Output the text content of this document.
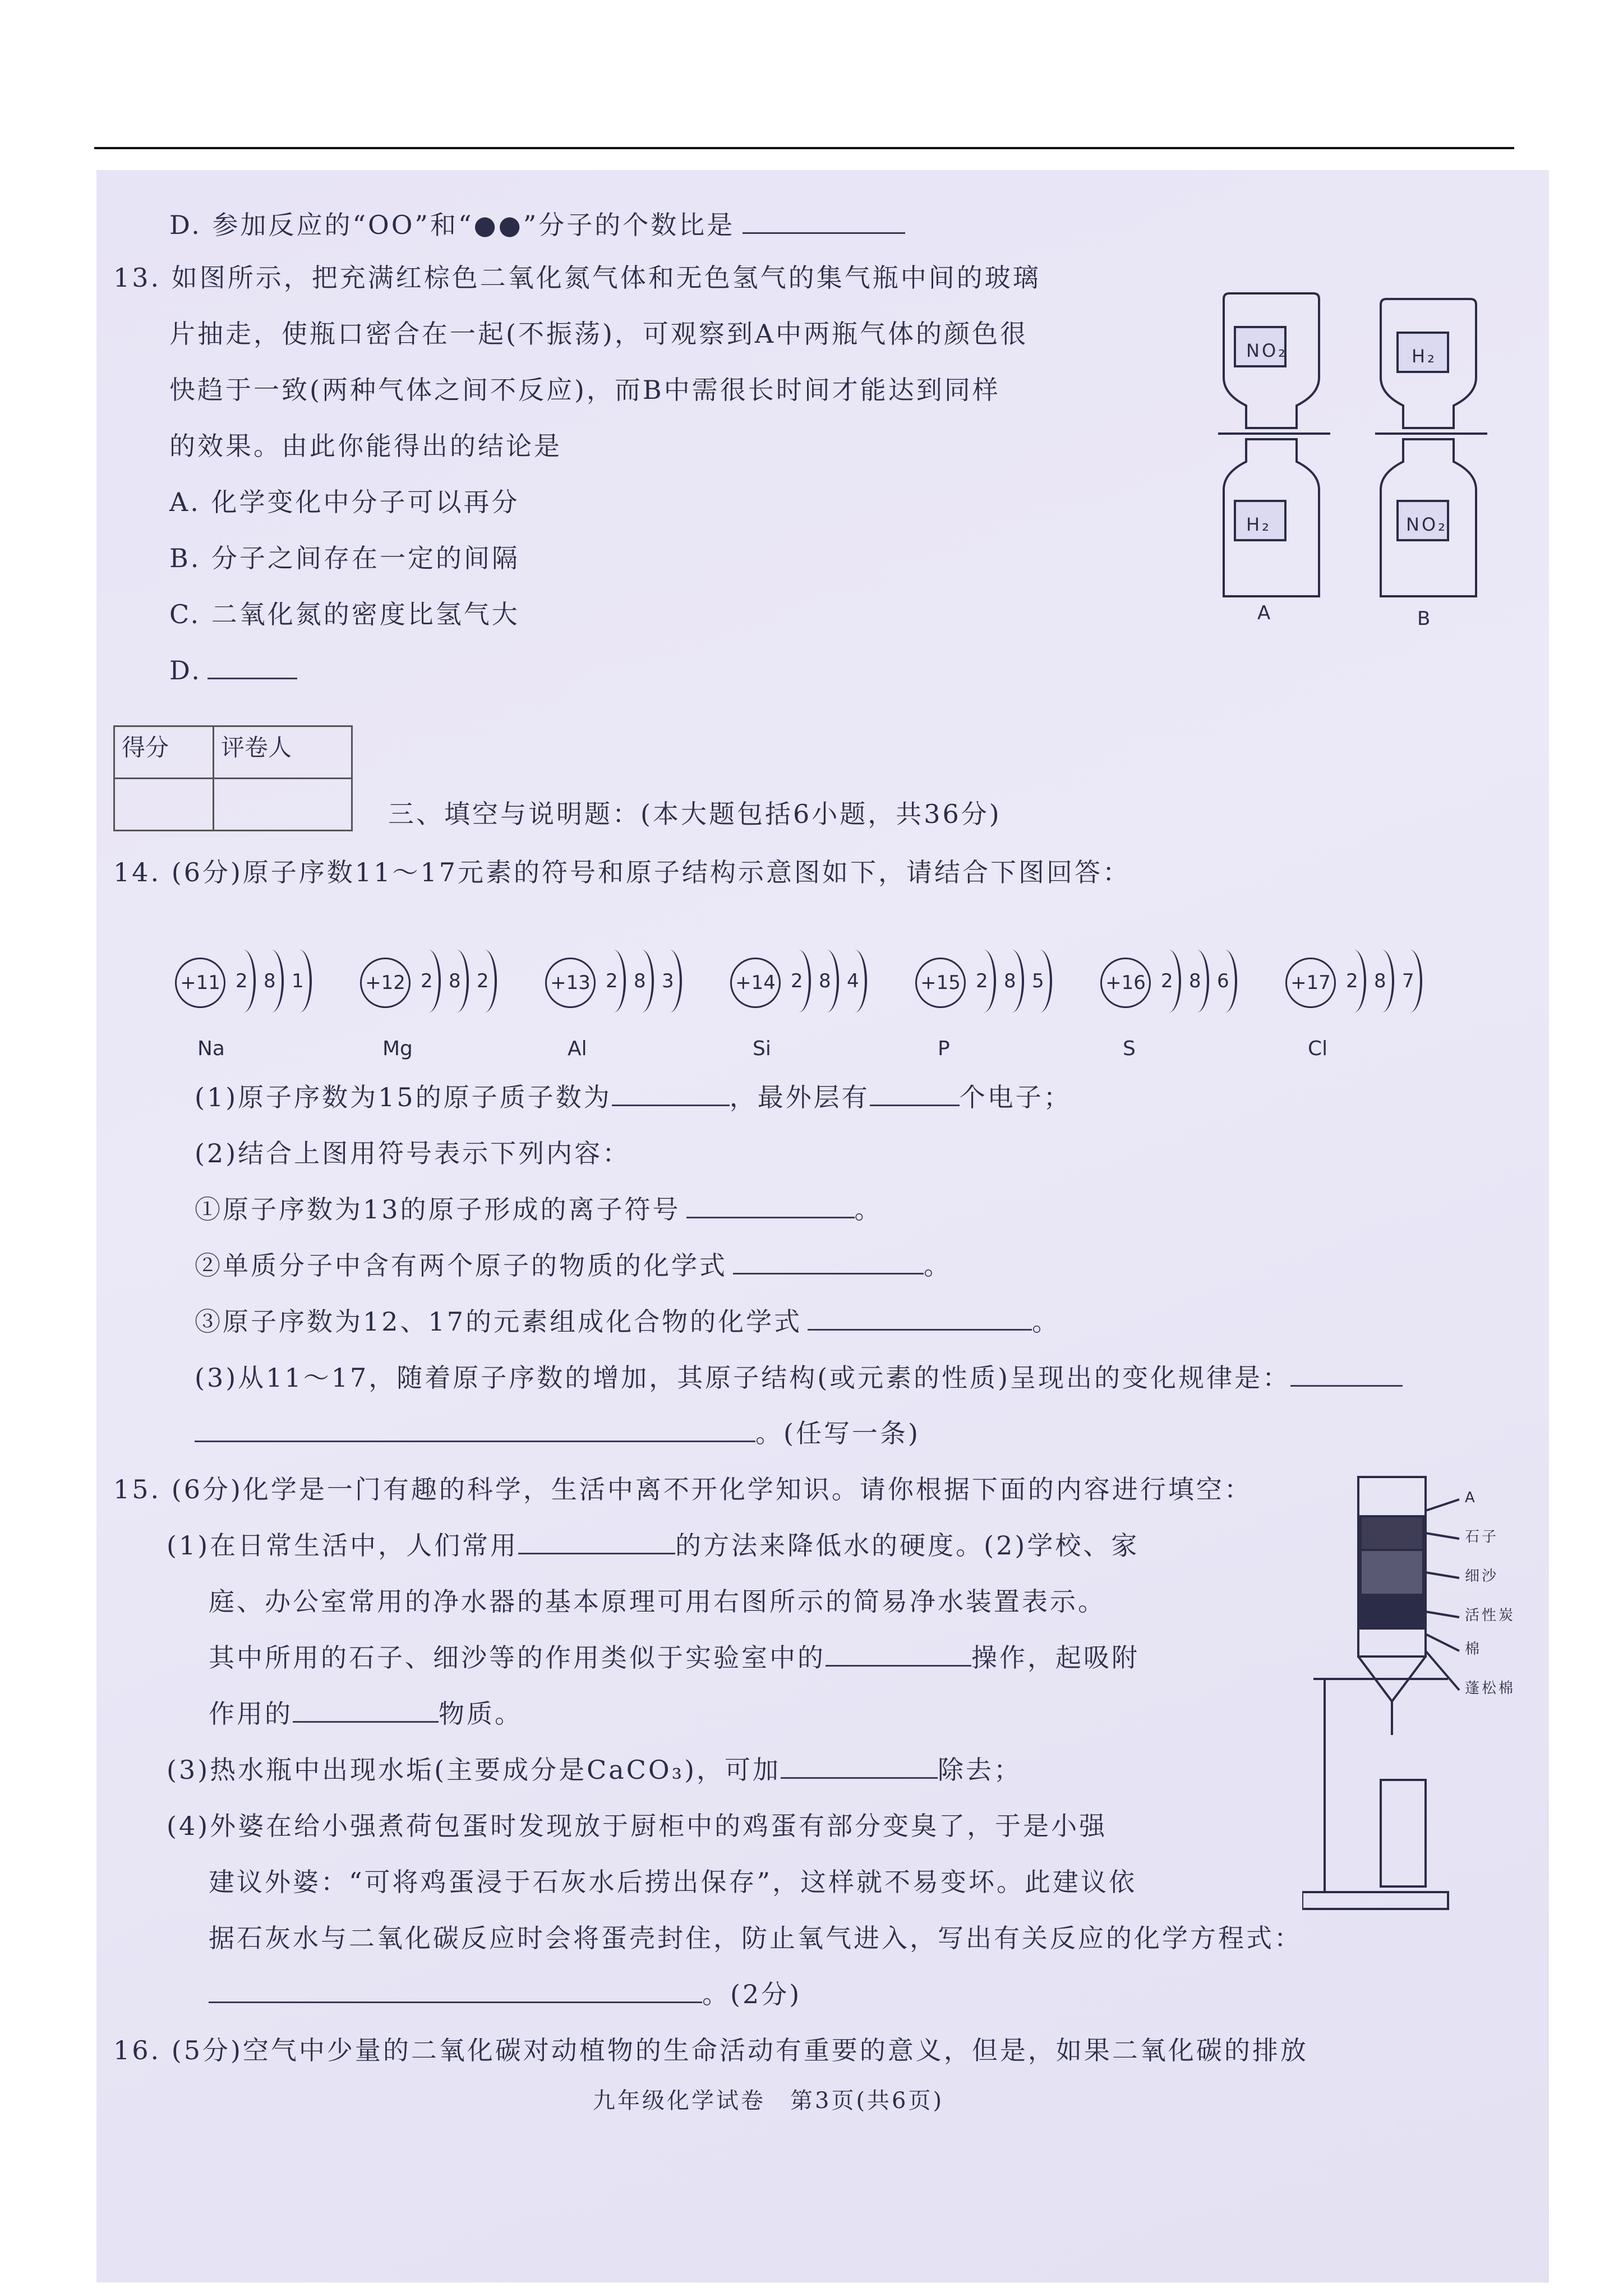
D. 参加反应的“OO”和“●●”分子的个数比是
13. 如图所示，把充满红棕色二氧化氮气体和无色氢气的集气瓶中间的玻璃
片抽走，使瓶口密合在一起(不振荡)，可观察到A中两瓶气体的颜色很
快趋于一致(两种气体之间不反应)，而B中需很长时间才能达到同样
的效果。由此你能得出的结论是
A. 化学变化中分子可以再分
B. 分子之间存在一定的间隔
C. 二氧化氮的密度比氢气大
D.
NO₂
H₂
H₂
NO₂
A	B
得分	评卷人

三、填空与说明题：(本大题包括6小题，共36分)
14. (6分)原子序数11～17元素的符号和原子结构示意图如下，请结合下图回答：
+11 2 8 1
Na
+12 2 8 2
Mg
+13 2 8 3
Al
+14 2 8 4
Si
+15 2 8 5
P
+16 2 8 6
S
+17 2 8 7
Cl
(1)原子序数为15的原子质子数为	，最外层有	个电子；
(2)结合上图用符号表示下列内容：
①原子序数为13的原子形成的离子符号	。
②单质分子中含有两个原子的物质的化学式	。
③原子序数为12、17的元素组成化合物的化学式	。
(3)从11～17，随着原子序数的增加，其原子结构(或元素的性质)呈现出的变化规律是：
。(任写一条)
15. (6分)化学是一门有趣的科学，生活中离不开化学知识。请你根据下面的内容进行填空：
(1)在日常生活中，人们常用	的方法来降低水的硬度。(2)学校、家
庭、办公室常用的净水器的基本原理可用右图所示的简易净水装置表示。
其中所用的石子、细沙等的作用类似于实验室中的	操作，起吸附
作用的	物质。
(3)热水瓶中出现水垢(主要成分是CaCO₃)，可加	除去；
(4)外婆在给小强煮荷包蛋时发现放于厨柜中的鸡蛋有部分变臭了，于是小强
建议外婆：“可将鸡蛋浸于石灰水后捞出保存”，这样就不易变坏。此建议依
据石灰水与二氧化碳反应时会将蛋壳封住，防止氧气进入，写出有关反应的化学方程式：
。(2分)
A
石子
细沙
活性炭
棉
蓬松棉
16. (5分)空气中少量的二氧化碳对动植物的生命活动有重要的意义，但是，如果二氧化碳的排放
九年级化学试卷　第3页(共6页)
